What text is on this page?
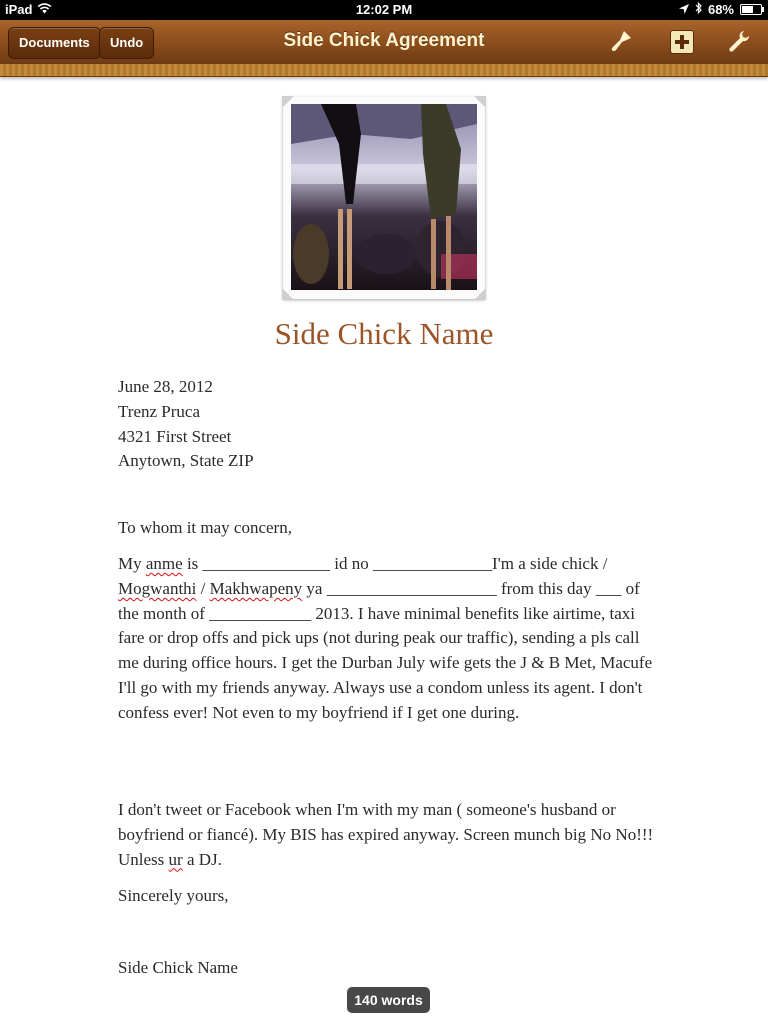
iPad	12:02 PM	68%
Documents	Undo	Side Chick Agreement
Side Chick Name

June 28, 2012

Trenz Pruca

4321 First Street

Anytown, State ZIP

To whom it may concern,
My anme is _______________ id no ______________I'm a side chick / Mogwanthi / Makhwapeny ya ____________________ from this day ___ of the month of ____________ 2013. I have minimal benefits like airtime, taxi fare or drop offs and pick ups (not during peak our traffic), sending a pls call me during office hours. I get the Durban July wife gets the J & B Met, Macufe I'll go with my friends anyway. Always use a condom unless its agent. I don't confess ever! Not even to my boyfriend if I get one during.
I don't tweet or Facebook when I'm with my man ( someone's husband or boyfriend or fiancé). My BIS has expired anyway. Screen munch big No No!!! Unless ur a DJ.
Sincerely yours,
Side Chick Name
140 words
